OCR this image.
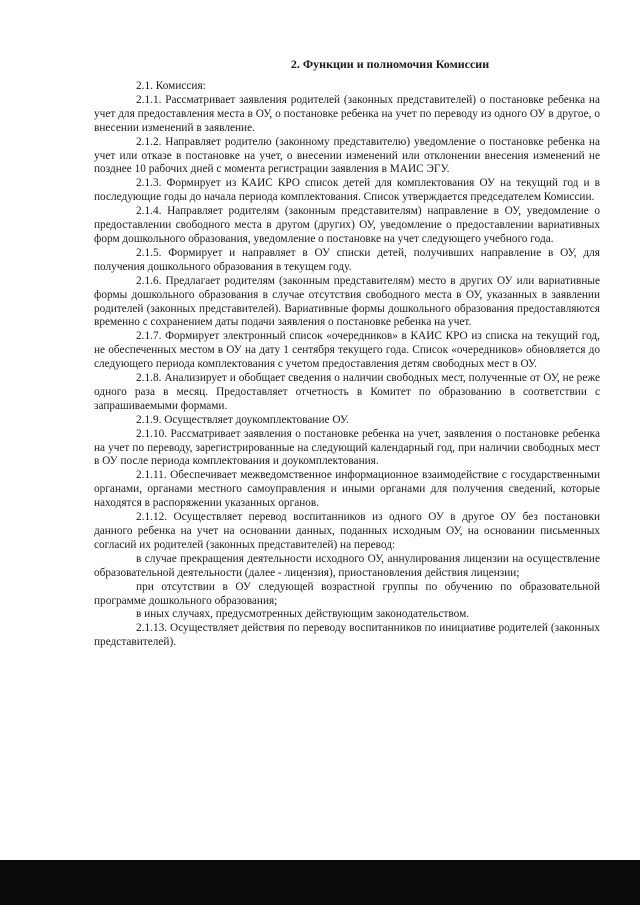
2. Функции и полномочия Комиссии

2.1. Комиссия:

2.1.1. Рассматривает заявления родителей (законных представителей) о постановке ребенка на учет для предоставления места в ОУ, о постановке ребенка на учет по переводу из одного ОУ в другое, о внесении изменений в заявление.

2.1.2. Направляет родителю (законному представителю) уведомление о постановке ребенка на учет или отказе в постановке на учет, о внесении изменений или отклонении внесения изменений не позднее 10 рабочих дней с момента регистрации заявления в МАИС ЭГУ.

2.1.3. Формирует из КАИС КРО список детей для комплектования ОУ на текущий год и в последующие годы до начала периода комплектования. Список утверждается председателем Комиссии.

2.1.4. Направляет родителям (законным представителям) направление в ОУ, уведомление о предоставлении свободного места в другом (других) ОУ, уведомление о предоставлении вариативных форм дошкольного образования, уведомление о постановке на учет следующего учебного года.

2.1.5. Формирует и направляет в ОУ списки детей, получивших направление в ОУ, для получения дошкольного образования в текущем году.

2.1.6. Предлагает родителям (законным представителям) место в других ОУ или вариативные формы дошкольного образования в случае отсутствия свободного места в ОУ, указанных в заявлении родителей (законных представителей). Вариативные формы дошкольного образования предоставляются временно с сохранением даты подачи заявления о постановке ребенка на учет.

2.1.7. Формирует электронный список «очередников» в КАИС КРО из списка на текущий год, не обеспеченных местом в ОУ на дату 1 сентября текущего года. Список «очередников» обновляется до следующего периода комплектования с учетом предоставления детям свободных мест в ОУ.

2.1.8. Анализирует и обобщает сведения о наличии свободных мест, полученные от ОУ, не реже одного раза в месяц. Предоставляет отчетность в Комитет по образованию в соответствии с запрашиваемыми формами.

2.1.9. Осуществляет доукомплектование ОУ.

2.1.10. Рассматривает заявления о постановке ребенка на учет, заявления о постановке ребенка на учет по переводу, зарегистрированные на следующий календарный год, при наличии свободных мест в ОУ после периода комплектования и доукомплектования.

2.1.11. Обеспечивает межведомственное информационное взаимодействие с государственными органами, органами местного самоуправления и иными органами для получения сведений, которые находятся в распоряжении указанных органов.

2.1.12. Осуществляет перевод воспитанников из одного ОУ в другое ОУ без постановки данного ребенка на учет на основании данных, поданных исходным ОУ, на основании письменных согласий их родителей (законных представителей) на перевод:

в случае прекращения деятельности исходного ОУ, аннулирования лицензии на осуществление образовательной деятельности (далее - лицензия), приостановления действия лицензии;

при отсутствии в ОУ следующей возрастной группы по обучению по образовательной программе дошкольного образования;

в иных случаях, предусмотренных действующим законодательством.

2.1.13. Осуществляет действия по переводу воспитанников по инициативе родителей (законных представителей).
